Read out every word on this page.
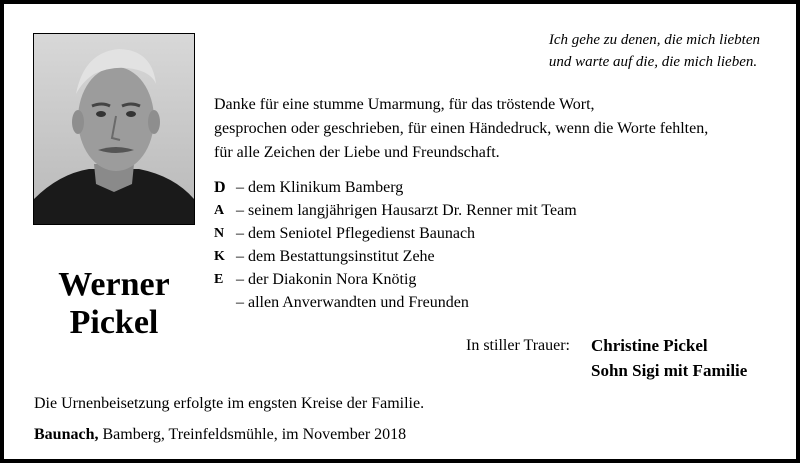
Werner
Pickel
Ich gehe zu denen, die mich liebten
und warte auf die, die mich lieben.
Danke für eine stumme Umarmung, für das tröstende Wort,
gesprochen oder geschrieben, für einen Händedruck, wenn die Worte fehlten,
für alle Zeichen der Liebe und Freundschaft.
D – dem Klinikum Bamberg
A – seinem langjährigen Hausarzt Dr. Renner mit Team
N – dem Seniotel Pflegedienst Baunach
K – dem Bestattungsinstitut Zehe
E – der Diakonin Nora Knötig
– allen Anverwandten und Freunden
In stiller Trauer: Christine Pickel
Sohn Sigi mit Familie
Die Urnenbeisetzung erfolgte im engsten Kreise der Familie.
Baunach, Bamberg, Treinfeldsmühle, im November 2018
